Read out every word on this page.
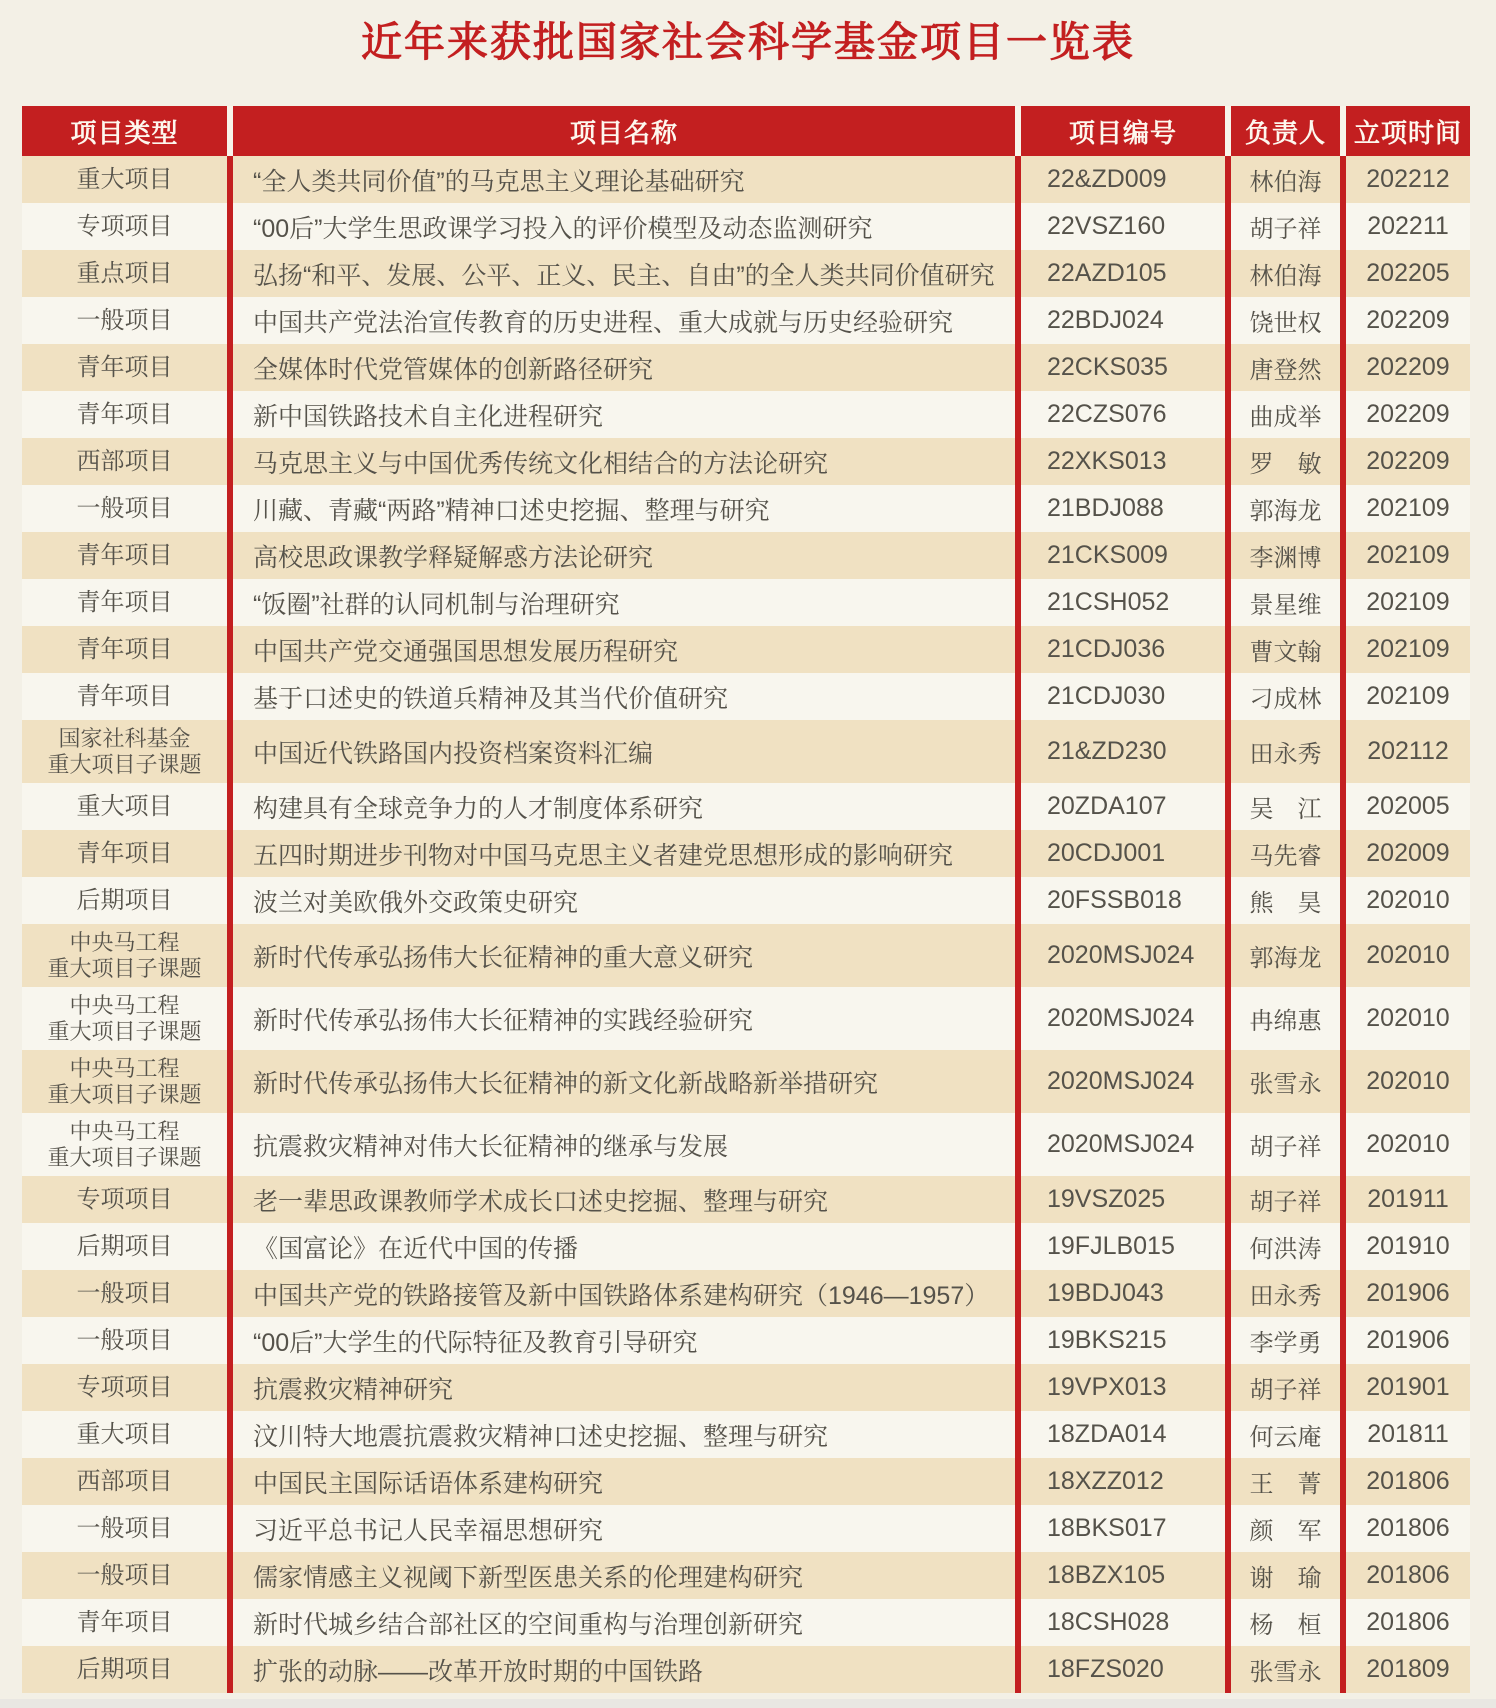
近年来获批国家社会科学基金项目一览表
项目类型	项目名称	项目编号	负责人	立项时间
重大项目	“全人类共同价值”的马克思主义理论基础研究	22&ZD009	林伯海	202212
专项项目	“00后”大学生思政课学习投入的评价模型及动态监测研究	22VSZ160	胡子祥	202211
重点项目	弘扬“和平、发展、公平、正义、民主、自由”的全人类共同价值研究	22AZD105	林伯海	202205
一般项目	中国共产党法治宣传教育的历史进程、重大成就与历史经验研究	22BDJ024	饶世权	202209
青年项目	全媒体时代党管媒体的创新路径研究	22CKS035	唐登然	202209
青年项目	新中国铁路技术自主化进程研究	22CZS076	曲成举	202209
西部项目	马克思主义与中国优秀传统文化相结合的方法论研究	22XKS013	罗　敏	202209
一般项目	川藏、青藏“两路”精神口述史挖掘、整理与研究	21BDJ088	郭海龙	202109
青年项目	高校思政课教学释疑解惑方法论研究	21CKS009	李渊博	202109
青年项目	“饭圈”社群的认同机制与治理研究	21CSH052	景星维	202109
青年项目	中国共产党交通强国思想发展历程研究	21CDJ036	曹文翰	202109
青年项目	基于口述史的铁道兵精神及其当代价值研究	21CDJ030	刁成林	202109
国家社科基金
重大项目子课题	中国近代铁路国内投资档案资料汇编	21&ZD230	田永秀	202112
重大项目	构建具有全球竞争力的人才制度体系研究	20ZDA107	吴　江	202005
青年项目	五四时期进步刊物对中国马克思主义者建党思想形成的影响研究	20CDJ001	马先睿	202009
后期项目	波兰对美欧俄外交政策史研究	20FSSB018	熊　昊	202010
中央马工程
重大项目子课题	新时代传承弘扬伟大长征精神的重大意义研究	2020MSJ024	郭海龙	202010
中央马工程
重大项目子课题	新时代传承弘扬伟大长征精神的实践经验研究	2020MSJ024	冉绵惠	202010
中央马工程
重大项目子课题	新时代传承弘扬伟大长征精神的新文化新战略新举措研究	2020MSJ024	张雪永	202010
中央马工程
重大项目子课题	抗震救灾精神对伟大长征精神的继承与发展	2020MSJ024	胡子祥	202010
专项项目	老一辈思政课教师学术成长口述史挖掘、整理与研究	19VSZ025	胡子祥	201911
后期项目	《国富论》在近代中国的传播	19FJLB015	何洪涛	201910
一般项目	中国共产党的铁路接管及新中国铁路体系建构研究（1946—1957）	19BDJ043	田永秀	201906
一般项目	“00后”大学生的代际特征及教育引导研究	19BKS215	李学勇	201906
专项项目	抗震救灾精神研究	19VPX013	胡子祥	201901
重大项目	汶川特大地震抗震救灾精神口述史挖掘、整理与研究	18ZDA014	何云庵	201811
西部项目	中国民主国际话语体系建构研究	18XZZ012	王　菁	201806
一般项目	习近平总书记人民幸福思想研究	18BKS017	颜　军	201806
一般项目	儒家情感主义视阈下新型医患关系的伦理建构研究	18BZX105	谢　瑜	201806
青年项目	新时代城乡结合部社区的空间重构与治理创新研究	18CSH028	杨　桓	201806
后期项目	扩张的动脉——改革开放时期的中国铁路	18FZS020	张雪永	201809
